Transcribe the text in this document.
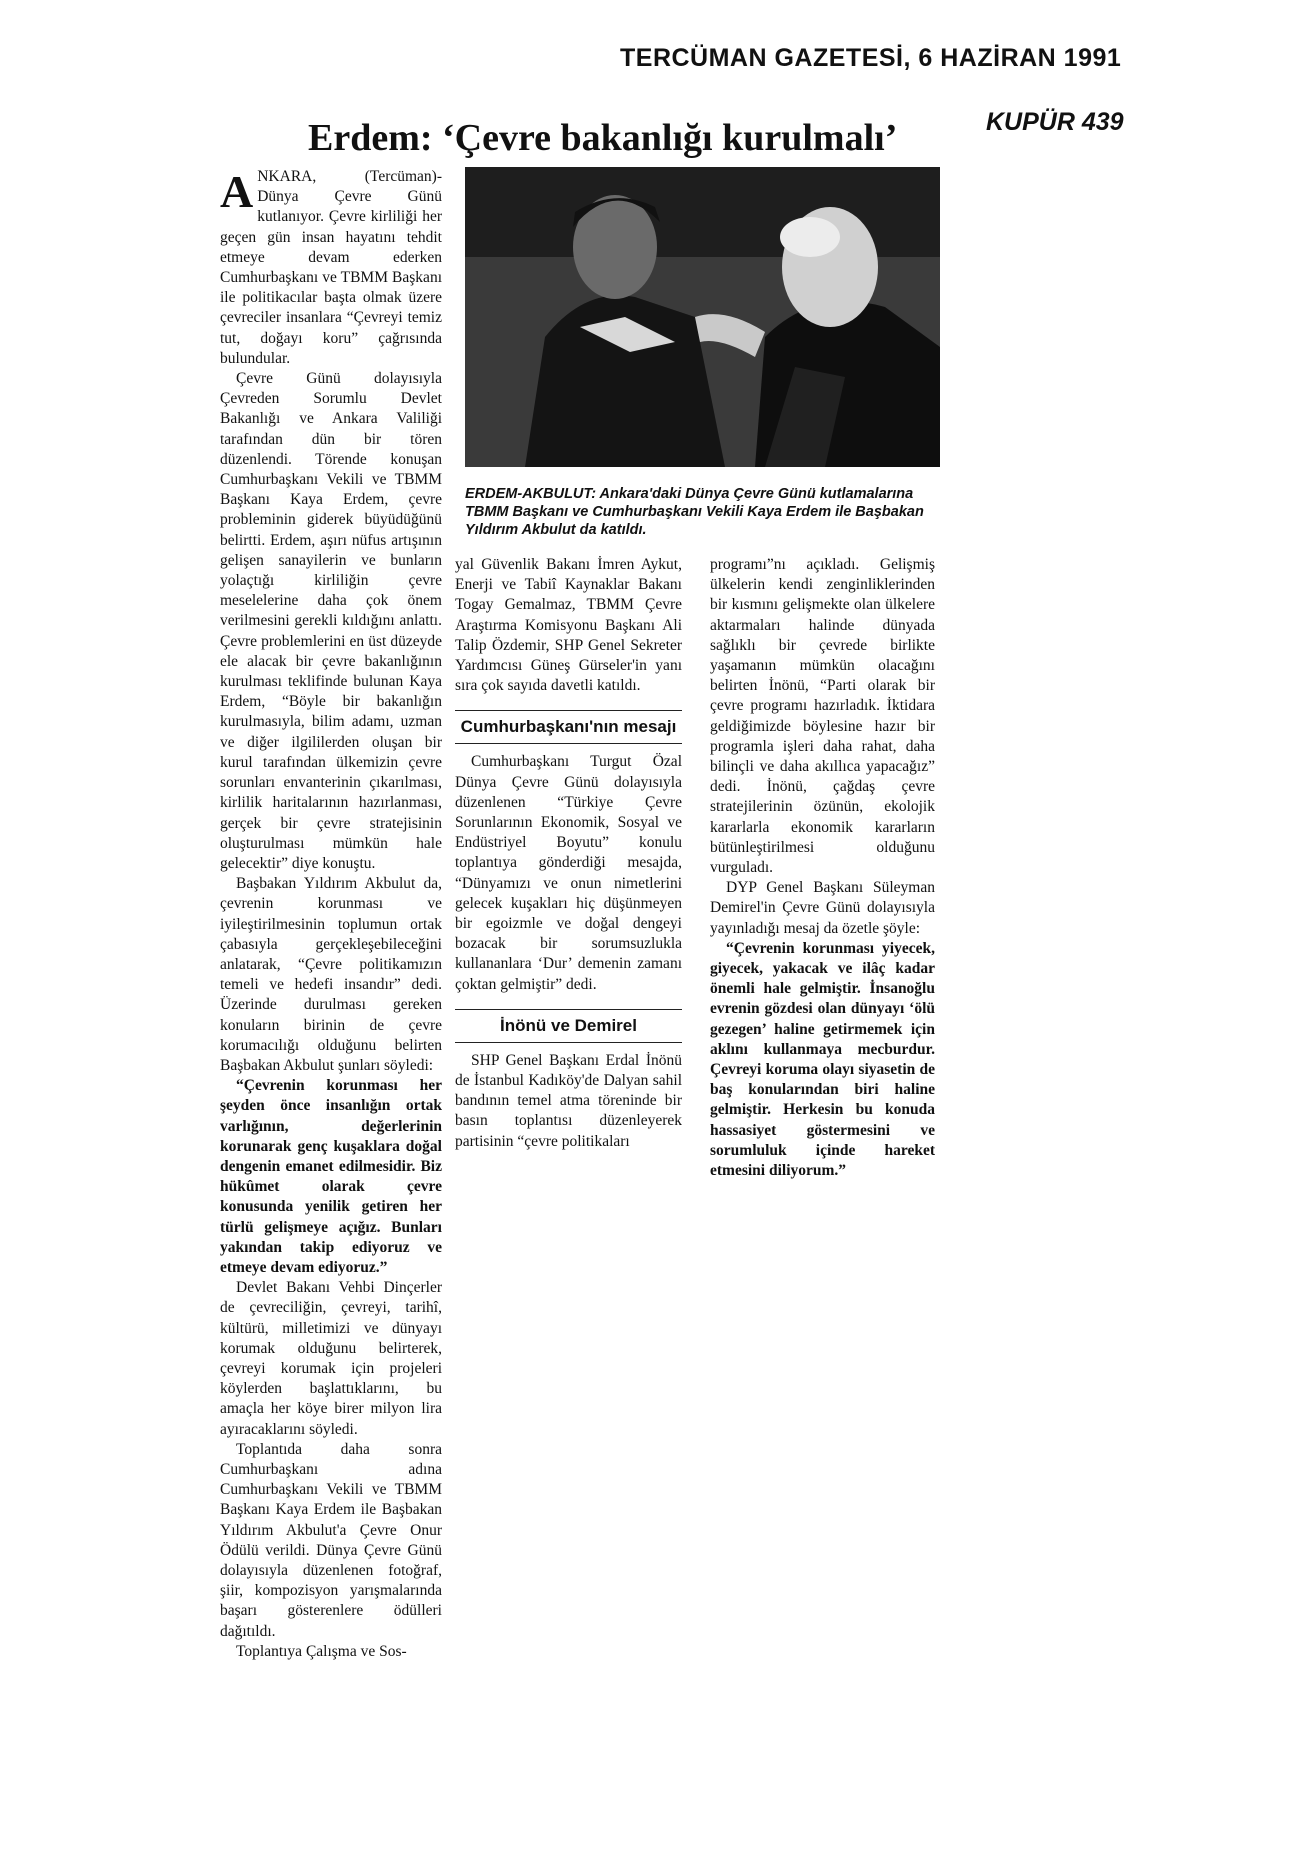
TERCÜMAN GAZETESİ, 6 HAZİRAN 1991
KUPÜR 439
Erdem: ‘Çevre bakanlığı kurulmalı’

ANKARA, (Tercüman)- Dünya Çevre Günü kutlanıyor. Çevre kirliliği her geçen gün insan hayatını tehdit etmeye devam ederken Cumhurbaşkanı ve TBMM Başkanı ile politikacılar başta olmak üzere çevreciler insanlara “Çevreyi temiz tut, doğayı koru” çağrısında bulundular.

Çevre Günü dolayısıyla Çevreden Sorumlu Devlet Bakanlığı ve Ankara Valiliği tarafından dün bir tören düzenlendi. Törende konuşan Cumhurbaşkanı Vekili ve TBMM Başkanı Kaya Erdem, çevre probleminin giderek büyüdüğünü belirtti. Erdem, aşırı nüfus artışının gelişen sanayilerin ve bunların yolaçtığı kirliliğin çevre meselelerine daha çok önem verilmesini gerekli kıldığını anlattı. Çevre problemlerini en üst düzeyde ele alacak bir çevre bakanlığının kurulması teklifinde bulunan Kaya Erdem, “Böyle bir bakanlığın kurulmasıyla, bilim adamı, uzman ve diğer ilgililerden oluşan bir kurul tarafından ülkemizin çevre sorunları envanterinin çıkarılması, kirlilik haritalarının hazırlanması, gerçek bir çevre stratejisinin oluşturulması mümkün hale gelecektir” diye konuştu.

Başbakan Yıldırım Akbulut da, çevrenin korunması ve iyileştirilmesinin toplumun ortak çabasıyla gerçekleşebileceğini anlatarak, “Çevre politikamızın temeli ve hedefi insandır” dedi. Üzerinde durulması gereken konuların birinin de çevre korumacılığı olduğunu belirten Başbakan Akbulut şunları söyledi:

“Çevrenin korunması her şeyden önce insanlığın ortak varlığının, değerlerinin korunarak genç kuşaklara doğal dengenin emanet edilmesidir. Biz hükûmet olarak çevre konusunda yenilik getiren her türlü gelişmeye açığız. Bunları yakından takip ediyoruz ve etmeye devam ediyoruz.”

Devlet Bakanı Vehbi Dinçerler de çevreciliğin, çevreyi, tarihî, kültürü, milletimizi ve dünyayı korumak olduğunu belirterek, çevreyi korumak için projeleri köylerden başlattıklarını, bu amaçla her köye birer milyon lira ayıracaklarını söyledi.

Toplantıda daha sonra Cumhurbaşkanı adına Cumhurbaşkanı Vekili ve TBMM Başkanı Kaya Erdem ile Başbakan Yıldırım Akbulut'a Çevre Onur Ödülü verildi. Dünya Çevre Günü dolayısıyla düzenlenen fotoğraf, şiir, kompozisyon yarışmalarında başarı gösterenlere ödülleri dağıtıldı.

Toplantıya Çalışma ve Sos-

ERDEM-AKBULUT: Ankara'daki Dünya Çevre Günü kutlamalarına TBMM Başkanı ve Cumhurbaşkanı Vekili Kaya Erdem ile Başbakan Yıldırım Akbulut da katıldı.

yal Güvenlik Bakanı İmren Aykut, Enerji ve Tabiî Kaynaklar Bakanı Togay Gemalmaz, TBMM Çevre Araştırma Komisyonu Başkanı Ali Talip Özdemir, SHP Genel Sekreter Yardımcısı Güneş Gürseler'in yanı sıra çok sayıda davetli katıldı.

Cumhurbaşkanı'nın mesajı

Cumhurbaşkanı Turgut Özal Dünya Çevre Günü dolayısıyla düzenlenen “Türkiye Çevre Sorunlarının Ekonomik, Sosyal ve Endüstriyel Boyutu” konulu toplantıya gönderdiği mesajda, “Dünyamızı ve onun nimetlerini gelecek kuşakları hiç düşünmeyen bir egoizmle ve doğal dengeyi bozacak bir sorumsuzlukla kullananlara ‘Dur’ demenin zamanı çoktan gelmiştir” dedi.

İnönü ve Demirel

SHP Genel Başkanı Erdal İnönü de İstanbul Kadıköy'de Dalyan sahil bandının temel atma töreninde bir basın toplantısı düzenleyerek partisinin “çevre politikaları

programı”nı açıkladı. Gelişmiş ülkelerin kendi zenginliklerinden bir kısmını gelişmekte olan ülkelere aktarmaları halinde dünyada sağlıklı bir çevrede birlikte yaşamanın mümkün olacağını belirten İnönü, “Parti olarak bir çevre programı hazırladık. İktidara geldiğimizde böylesine hazır bir programla işleri daha rahat, daha bilinçli ve daha akıllıca yapacağız” dedi. İnönü, çağdaş çevre stratejilerinin özünün, ekolojik kararlarla ekonomik kararların bütünleştirilmesi olduğunu vurguladı.

DYP Genel Başkanı Süleyman Demirel'in Çevre Günü dolayısıyla yayınladığı mesaj da özetle şöyle:

“Çevrenin korunması yiyecek, giyecek, yakacak ve ilâç kadar önemli hale gelmiştir. İnsanoğlu evrenin gözdesi olan dünyayı ‘ölü gezegen’ haline getirmemek için aklını kullanmaya mecburdur. Çevreyi koruma olayı siyasetin de baş konularından biri haline gelmiştir. Herkesin bu konuda hassasiyet göstermesini ve sorumluluk içinde hareket etmesini diliyorum.”
